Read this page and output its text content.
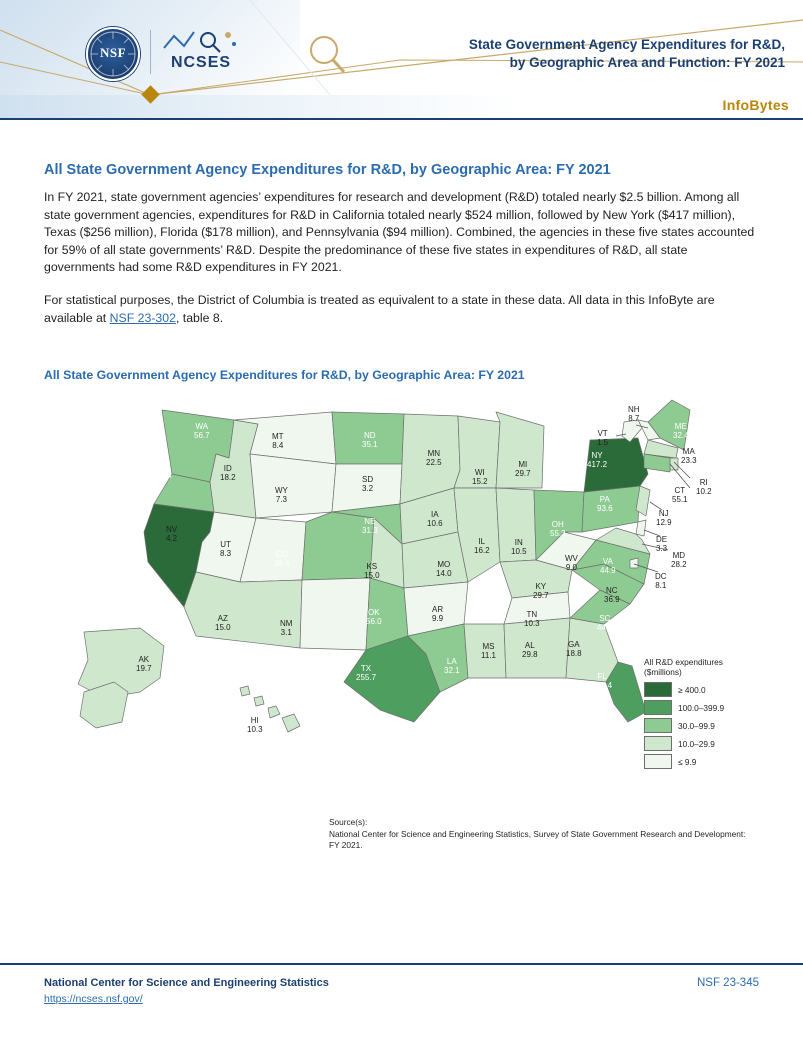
NSF
NCSES
State Government Agency Expenditures for R&D,
by Geographic Area and Function: FY 2021
InfoBytes
All State Government Agency Expenditures for R&D, by Geographic Area: FY 2021
In FY 2021, state government agencies’ expenditures for research and development (R&D) totaled nearly $2.5 billion. Among all state government agencies, expenditures for R&D in California totaled nearly $524 million, followed by New York ($417 million), Texas ($256 million), Florida ($178 million), and Pennsylvania ($94 million). Combined, the agencies in these five states accounted for 59% of all state governments’ R&D. Despite the predominance of these five states in expenditures of R&D, all state governments had some R&D expenditures in FY 2021.
For statistical purposes, the District of Columbia is treated as equivalent to a state in these data. All data in this InfoByte are available at NSF 23-302, table 8.
All State Government Agency Expenditures for R&D, by Geographic Area: FY 2021
WA
56.7
OR
37.4
CA
523.8
NV
4.2
ID
18.2
MT
8.4
WY
7.3
UT
8.3
AZ
15.0
CO
38.4
NM
3.1
ND
35.1
SD
3.2
NE
31.3
KS
15.0
OK
56.0
TX
255.7
MN
22.5
IA
10.6
MO
14.0
AR
9.9
LA
32.1
WI
15.2
IL
16.2
MS
11.1
MI
29.7
IN
10.5
KY
29.7
TN
10.3
AL
29.8
GA
18.8
FL
178.4
SC
44.6
NC
36.9
VA
44.9
WV
9.0
OH
55.3
PA
93.6
NY
417.2
ME
32.4
NH
8.7
VT
1.5
MA
23.3
RI
10.2
CT
55.1
NJ
12.9
DE
3.3
MD
28.2
DC
8.1
AK
19.7
HI
10.3
All R&D expenditures
($millions)
≥ 400.0
100.0–399.9
30.0–99.9
10.0–29.9
≤ 9.9
Source(s):
National Center for Science and Engineering Statistics, Survey of State Government Research and Development: FY 2021.
National Center for Science and Engineering Statistics
https://ncses.nsf.gov/
NSF 23-345
